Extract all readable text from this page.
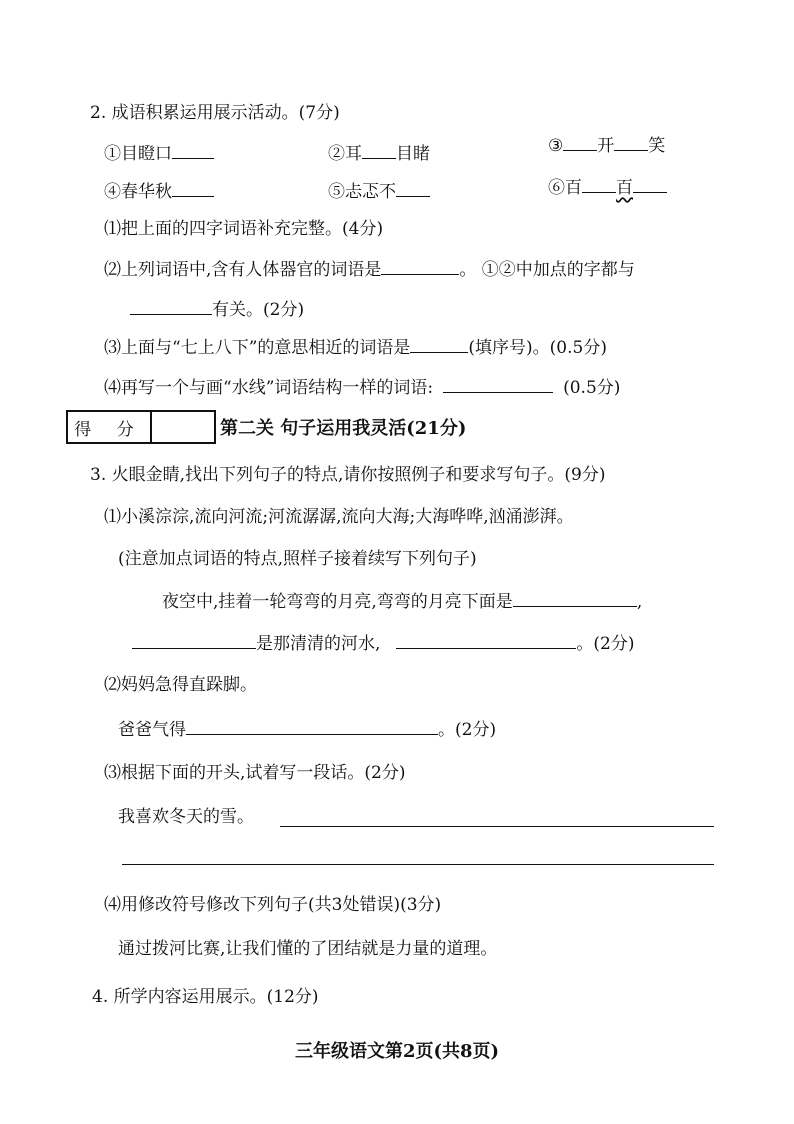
2. 成语积累运用展示活动。(7分)
①目瞪口	②耳 目睹	③ 开 笑
④春华秋	⑤忐忑不	⑥百 百
⑴把上面的四字词语补充完整。(4分)
⑵上列词语中,含有人体器官的词语是	。 ①②中加点的字都与
有关。(2分)
⑶上面与“七上八下”的意思相近的词语是	(填序号)。(0.5分)
⑷再写一个与画“水线”词语结构一样的词语:	(0.5分)
得 分	第二关 句子运用我灵活(21分)
3. 火眼金睛,找出下列句子的特点,请你按照例子和要求写句子。(9分)
⑴小溪淙淙,流向河流;河流潺潺,流向大海;大海哗哗,汹涌澎湃。
(注意加点词语的特点,照样子接着续写下列句子)
夜空中,挂着一轮弯弯的月亮,弯弯的月亮下面是	,
是那清清的河水,	。(2分)
⑵妈妈急得直跺脚。
爸爸气得	。(2分)
⑶根据下面的开头,试着写一段话。(2分)
我喜欢冬天的雪。
⑷用修改符号修改下列句子(共3处错误)(3分)
通过拨河比赛,让我们懂的了团结就是力量的道理。
4. 所学内容运用展示。(12分)
三年级语文第2页(共8页)
